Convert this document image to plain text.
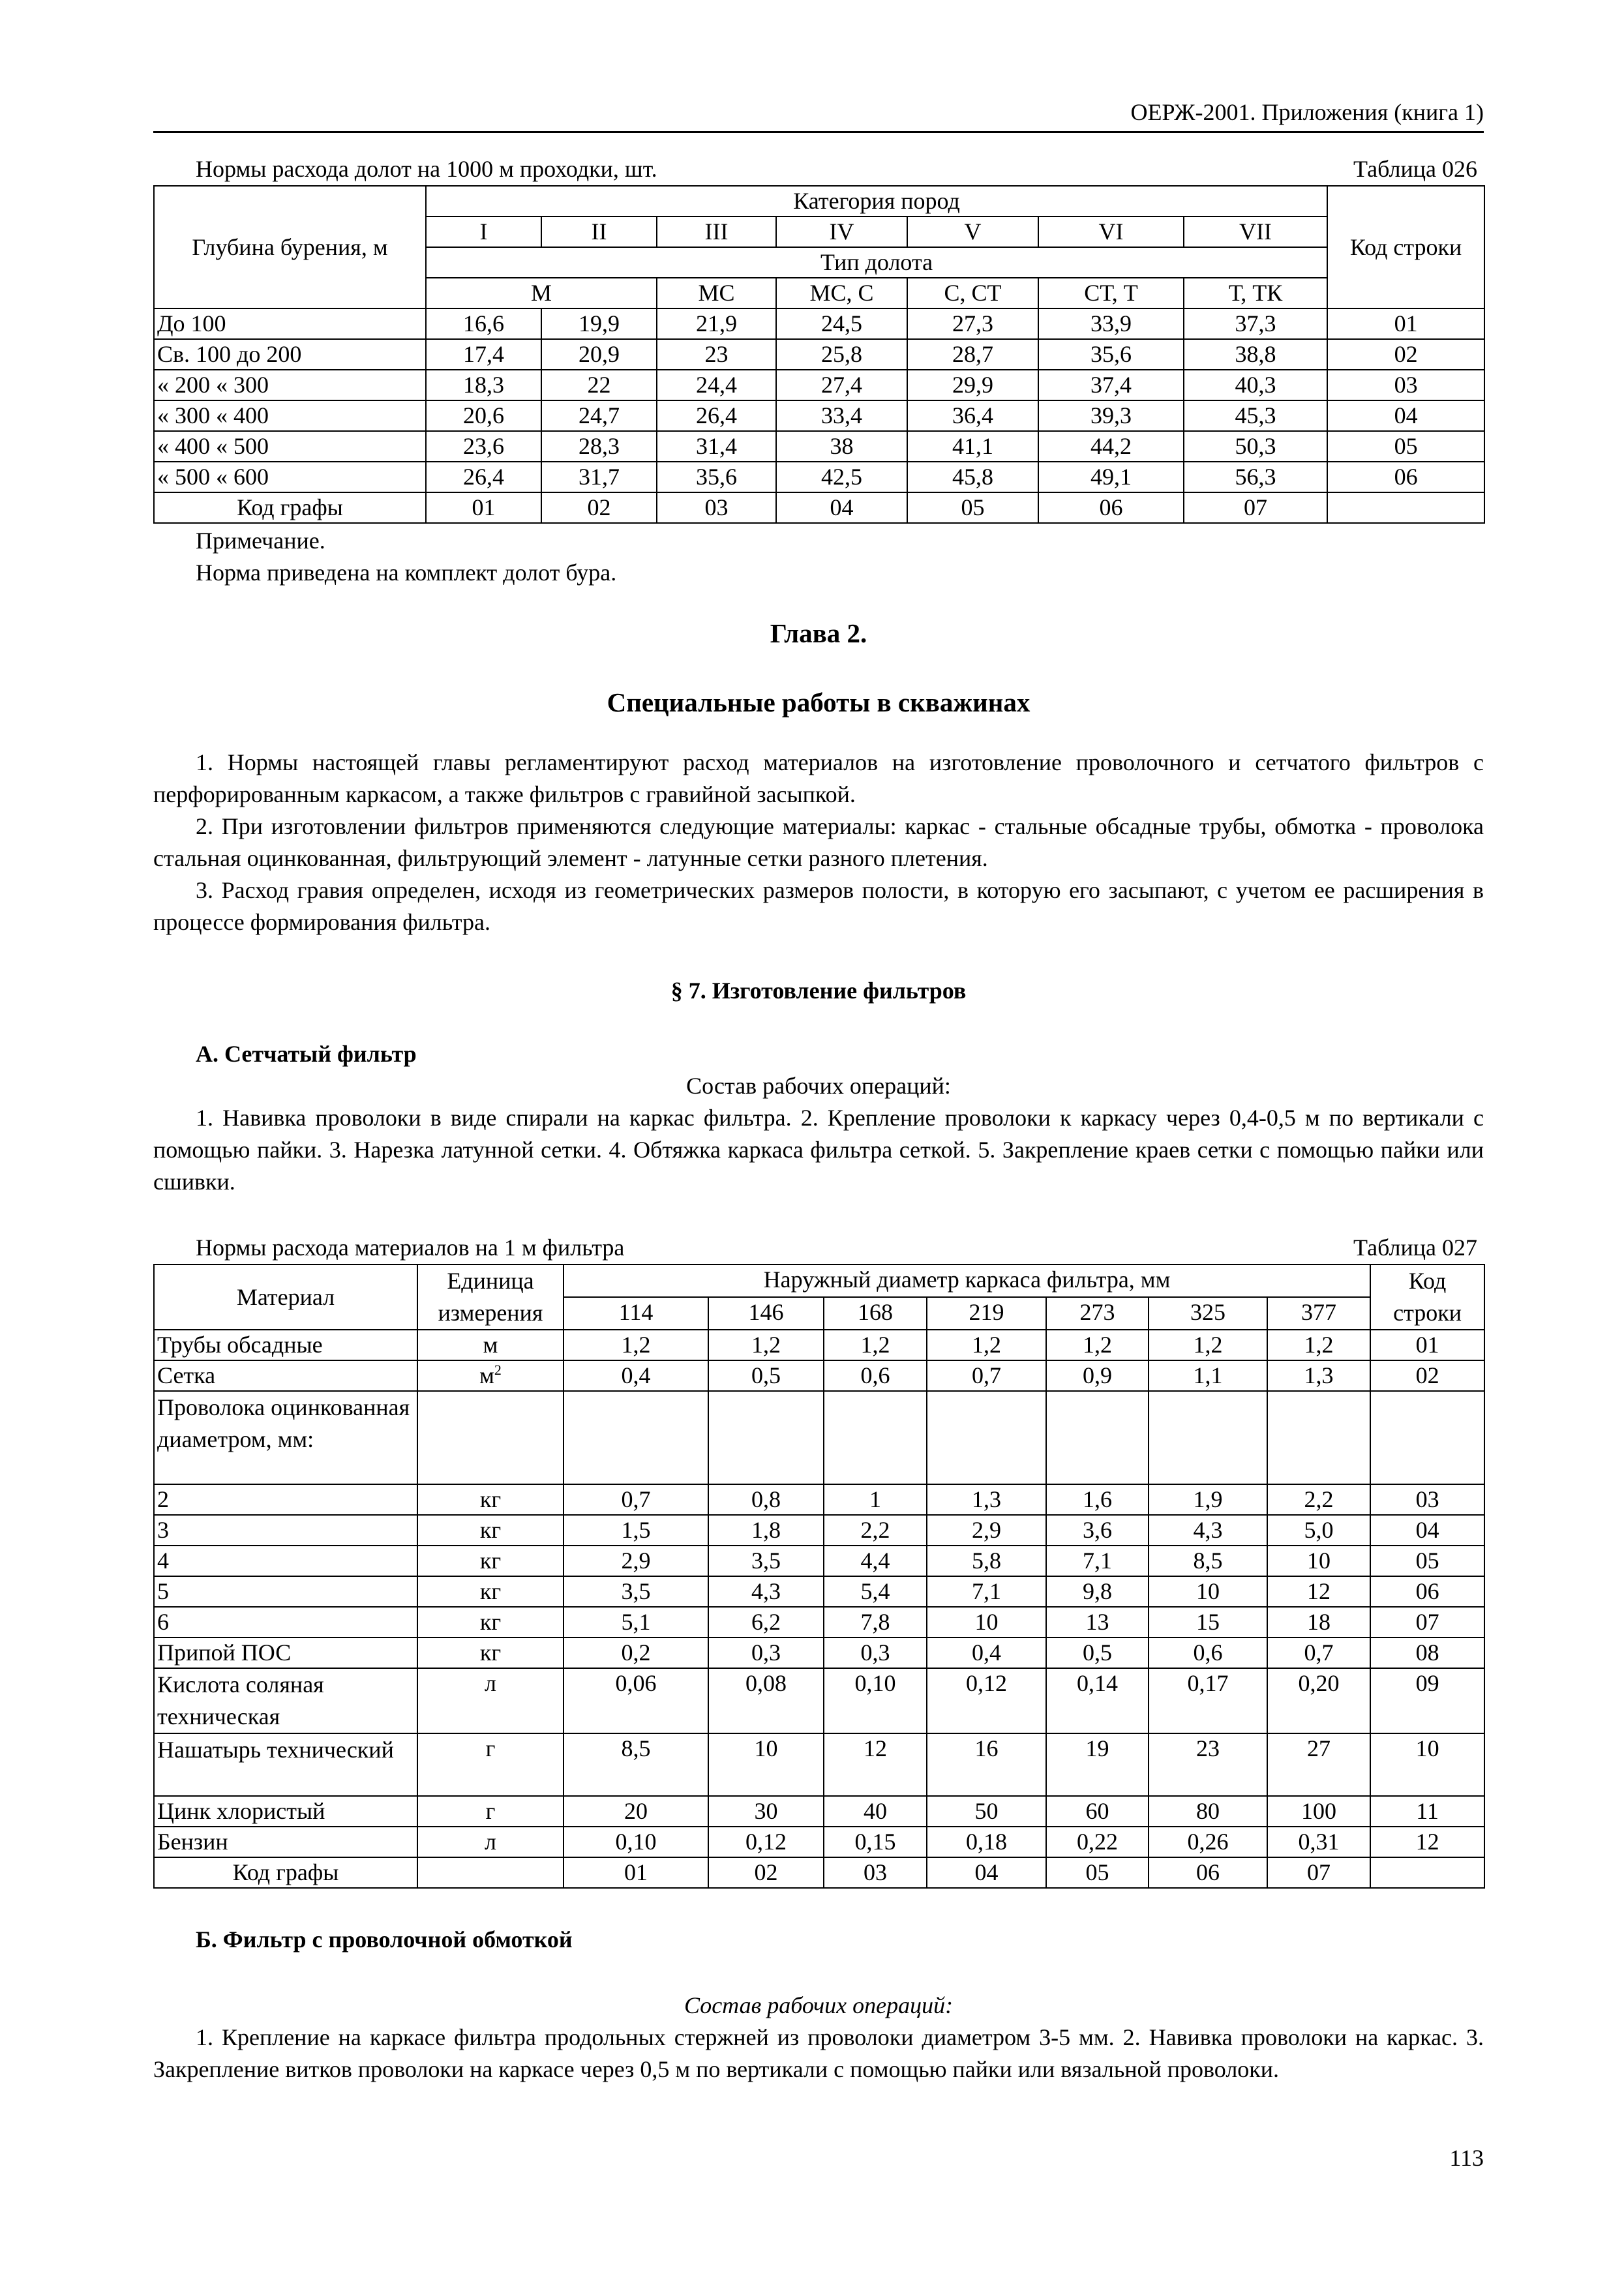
ОЕРЖ-2001. Приложения (книга 1)
Нормы расхода долот на 1000 м проходки, шт.	Таблица 026
Глубина бурения, м	Категория пород							Код строки
	I	II	III	IV	V	VI	VII	
	Тип долота							
	М		МС	МС, С	С, СТ	СТ, Т	Т, ТК	
До 100	16,6	19,9	21,9	24,5	27,3	33,9	37,3	01
Св. 100 до 200	17,4	20,9	23	25,8	28,7	35,6	38,8	02
« 200 « 300	18,3	22	24,4	27,4	29,9	37,4	40,3	03
« 300 « 400	20,6	24,7	26,4	33,4	36,4	39,3	45,3	04
« 400 « 500	23,6	28,3	31,4	38	41,1	44,2	50,3	05
« 500 « 600	26,4	31,7	35,6	42,5	45,8	49,1	56,3	06
Код графы	01	02	03	04	05	06	07	

Примечание.

Норма приведена на комплект долот бура.

Глава 2.
Специальные работы в скважинах

1. Нормы настоящей главы регламентируют расход материалов на изготовление проволочного и сетчатого фильтров с перфорированным каркасом, а также фильтров с гравийной засыпкой.

2. При изготовлении фильтров применяются следующие материалы: каркас - стальные обсадные трубы, обмотка - проволока стальная оцинкованная, фильтрующий элемент - латунные сетки разного плетения.

3. Расход гравия определен, исходя из геометрических размеров полости, в которую его засыпают, с учетом ее расширения в процессе формирования фильтра.

§ 7. Изготовление фильтров
А. Сетчатый фильтр

Состав рабочих операций:

1. Навивка проволоки в виде спирали на каркас фильтра. 2. Крепление проволоки к каркасу через 0,4-0,5 м по вертикали с помощью пайки. 3. Нарезка латунной сетки. 4. Обтяжка каркаса фильтра сеткой. 5. Закрепление краев сетки с помощью пайки или сшивки.

Нормы расхода материалов на 1 м фильтра	Таблица 027
Материал	Единица измерения	Наружный диаметр каркаса фильтра, мм							Код строки
		114	146	168	219	273	325	377	
Трубы обсадные	м	1,2	1,2	1,2	1,2	1,2	1,2	1,2	01
Сетка	$м^2$	0,4	0,5	0,6	0,7	0,9	1,1	1,3	02
Проволока оцинкованная диаметром, мм:									
2	кг	0,7	0,8	1	1,3	1,6	1,9	2,2	03
3	кг	1,5	1,8	2,2	2,9	3,6	4,3	5,0	04
4	кг	2,9	3,5	4,4	5,8	7,1	8,5	10	05
5	кг	3,5	4,3	5,4	7,1	9,8	10	12	06
6	кг	5,1	6,2	7,8	10	13	15	18	07
Припой ПОС	кг	0,2	0,3	0,3	0,4	0,5	0,6	0,7	08
Кислота соляная техническая	л	0,06	0,08	0,10	0,12	0,14	0,17	0,20	09
Нашатырь технический	г	8,5	10	12	16	19	23	27	10
Цинк хлористый	г	20	30	40	50	60	80	100	11
Бензин	л	0,10	0,12	0,15	0,18	0,22	0,26	0,31	12
Код графы		01	02	03	04	05	06	07	
Б. Фильтр с проволочной обмоткой

Состав рабочих операций:

1. Крепление на каркасе фильтра продольных стержней из проволоки диаметром 3-5 мм. 2. Навивка проволоки на каркас. 3. Закрепление витков проволоки на каркасе через 0,5 м по вертикали с помощью пайки или вязальной проволоки.

113
